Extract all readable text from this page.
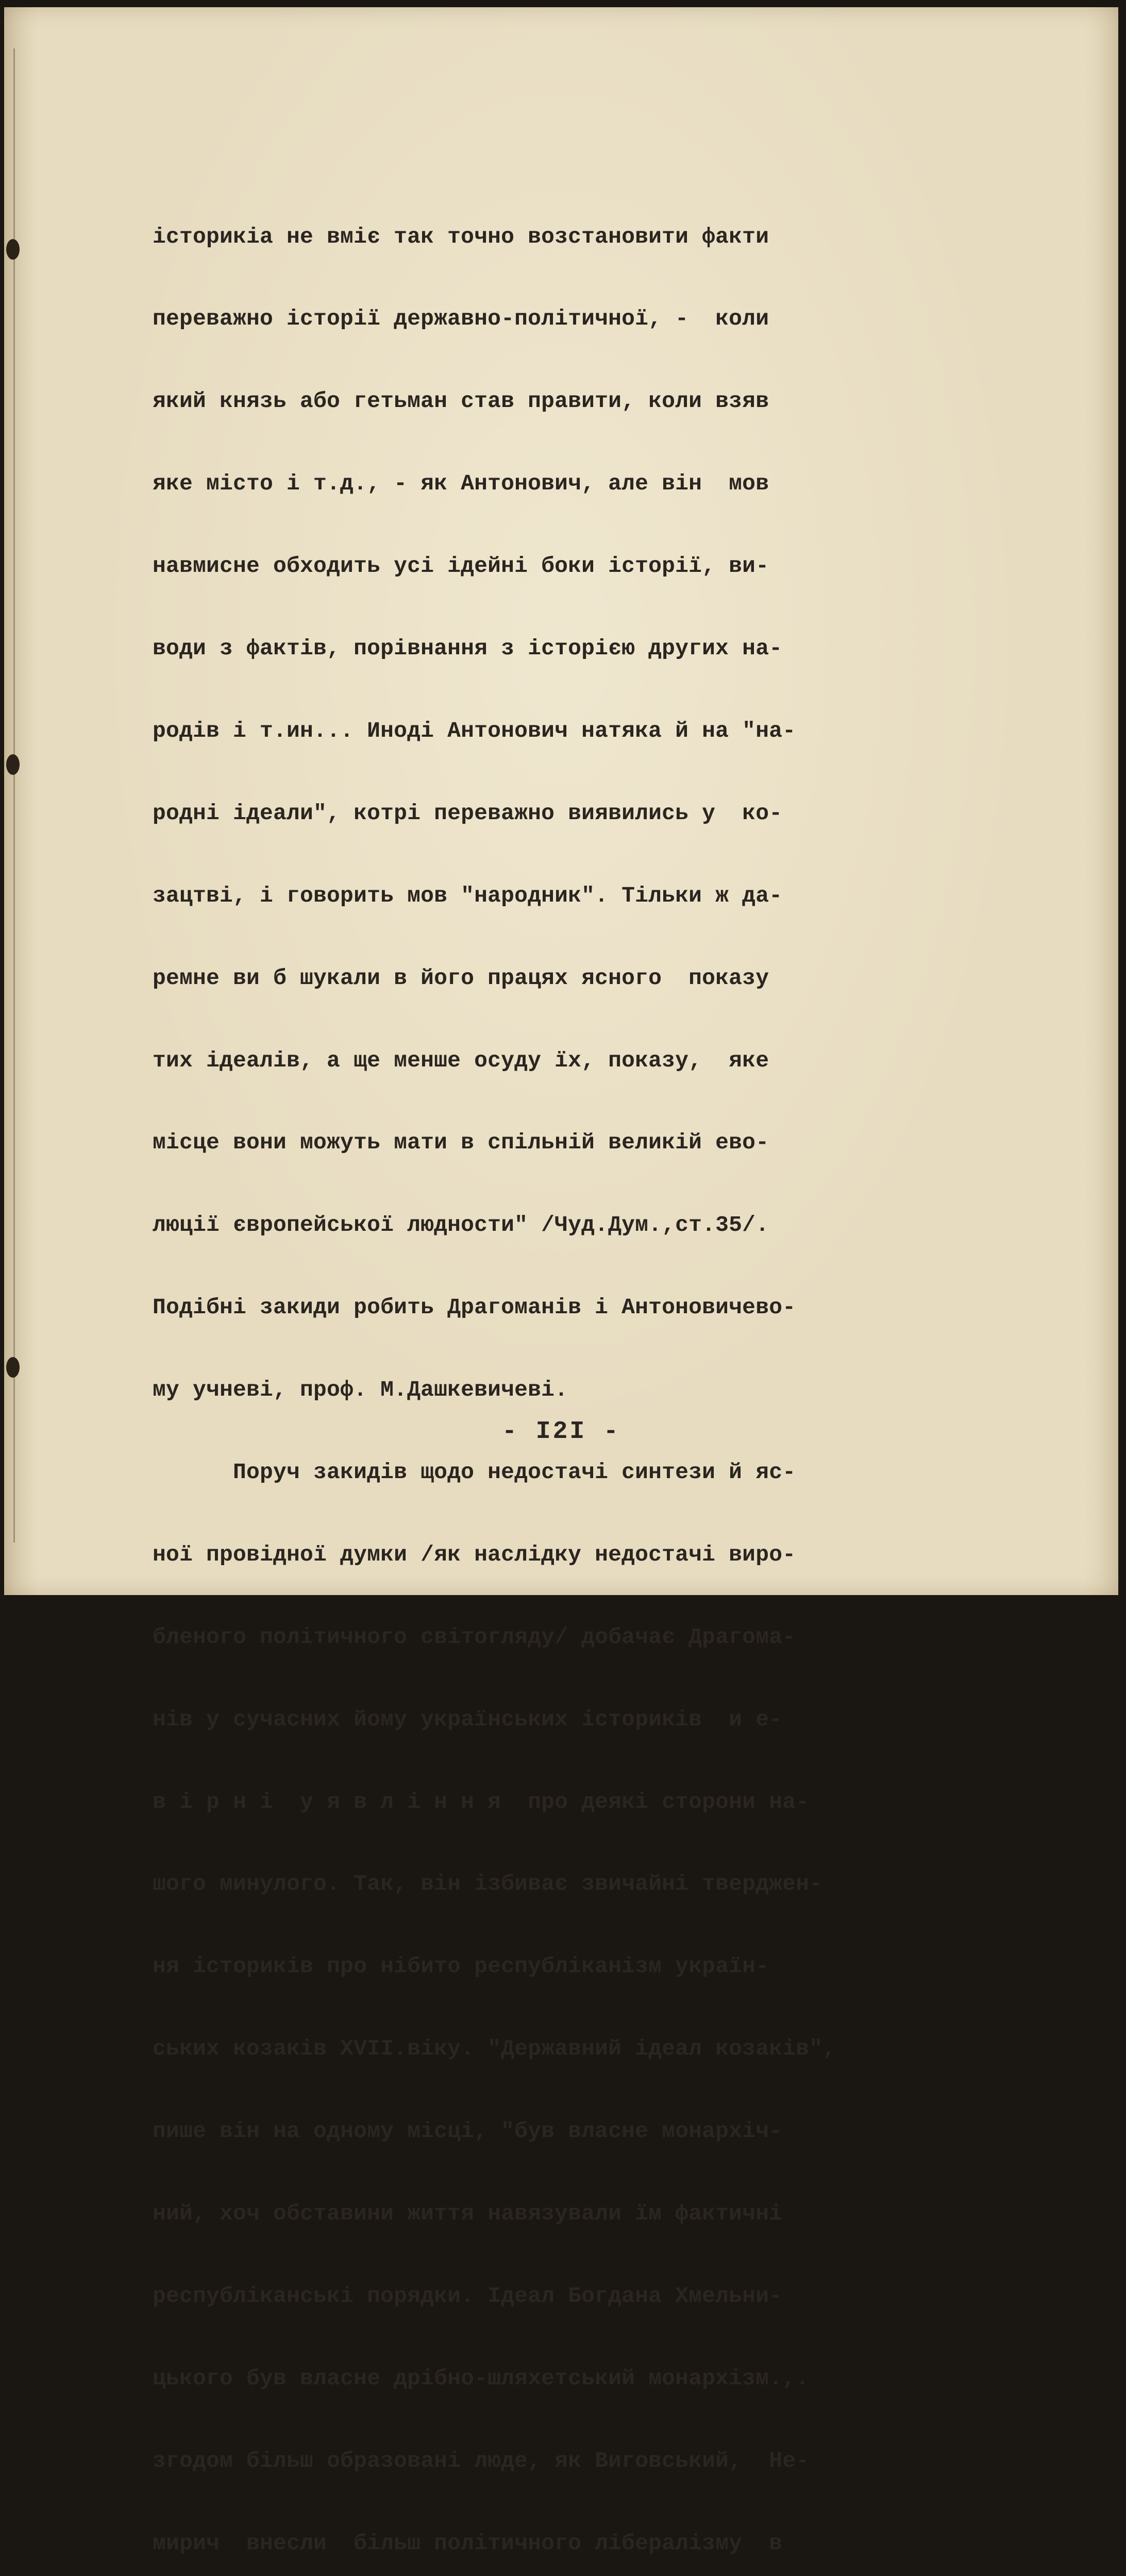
історикіа не вміє так точно возстановити факти

переважно історії державно-політичної, -  коли

який князь або гетьман став правити, коли взяв

яке місто і т.д., - як Антонович, але він  мов

навмисне обходить усі ідейні боки історії, ви-

води з фактів, порівнання з історією других на-

родів і т.ин... Иноді Антонович натяка й на "на-

родні ідеали", котрі переважно виявились у  ко-

зацтві, і говорить мов "народник". Тільки ж да-

ремне ви б шукали в його працях ясного  показу

тих ідеалів, а ще менше осуду їх, показу,  яке

місце вони можуть мати в спільній великій ево-

люції європейської людности" /Чуд.Дум.,ст.35/.

Подібні закиди робить Драгоманів і Антоновичево-

му учневі, проф. М.Дашкевичеві.

Поруч закидів щодо недостачі синтези й яс-

ної провідної думки /як наслідку недостачі виро-

бленого політичного світогляду/ добачає Драгома-

нів у сучасних йому українських істориків  и е-

в і р н і  у я в л і н н я  про деякі сторони на-

шого минулого. Так, він ізбиває звичайні тверджен-

ня істориків про нібито республіканізм україн-

ських козаків XVII.віку. "Державний ідеал козаків",

пише він на одному місці, "був власне монархіч-

ний, хоч обставини життя навязували їм фактичні

республіканські порядки. Ідеал Богдана Хмельни-

цького був власне дрібно-шляхетський монархізм.,.

згодом більш образовані люде, як Виговський,  Не-

мирич  внесли  більш політичного лібералізму  в

- I2I -
